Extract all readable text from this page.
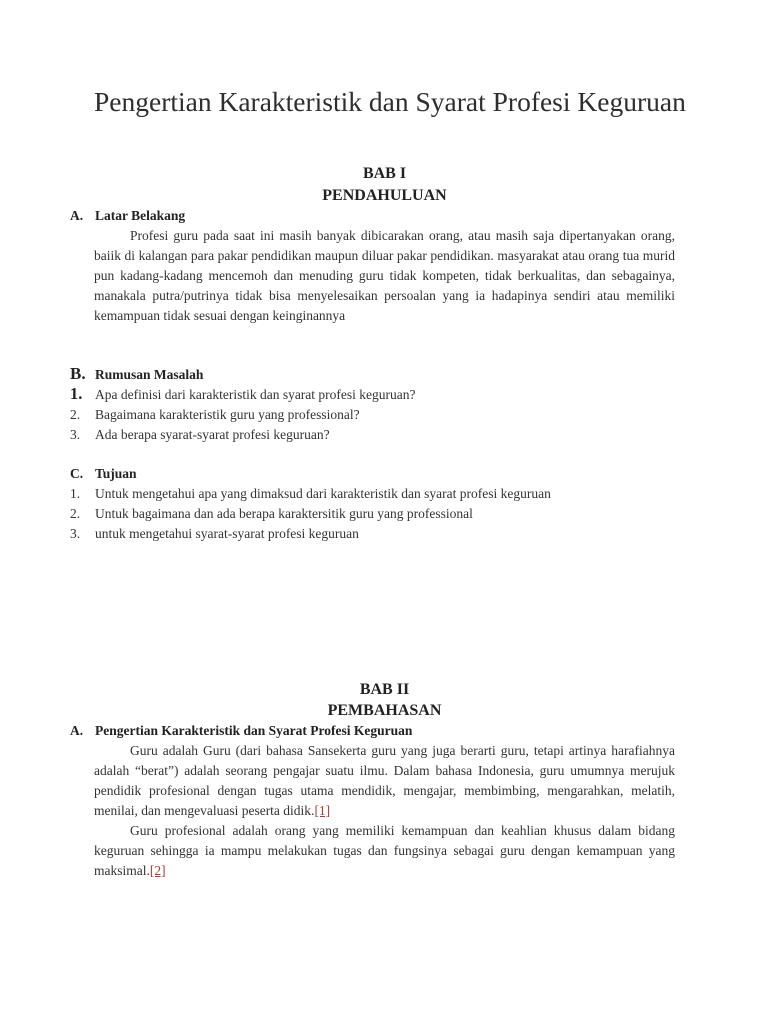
Pengertian Karakteristik dan Syarat Profesi Keguruan
BAB I
PENDAHULUAN
A. Latar Belakang

Profesi guru pada saat ini masih banyak dibicarakan orang, atau masih saja dipertanyakan orang, baiik di kalangan para pakar pendidikan maupun diluar pakar pendidikan. masyarakat atau orang tua murid pun kadang-kadang mencemoh dan menuding guru tidak kompeten, tidak berkualitas, dan sebagainya, manakala putra/putrinya tidak bisa menyelesaikan persoalan yang ia hadapinya sendiri atau memiliki kemampuan tidak sesuai dengan keinginannya

B. Rumusan Masalah
1. Apa definisi dari karakteristik dan syarat profesi keguruan?
2. Bagaimana karakteristik guru yang professional?
3. Ada berapa syarat-syarat profesi keguruan?
C. Tujuan
1. Untuk mengetahui apa yang dimaksud dari karakteristik dan syarat profesi keguruan
2. Untuk bagaimana dan ada berapa karaktersitik guru yang professional
3. untuk mengetahui syarat-syarat profesi keguruan
BAB II
PEMBAHASAN
A. Pengertian Karakteristik dan Syarat Profesi Keguruan

Guru adalah Guru (dari bahasa Sansekerta guru yang juga berarti guru, tetapi artinya harafiahnya adalah “berat”) adalah seorang pengajar suatu ilmu. Dalam bahasa Indonesia, guru umumnya merujuk pendidik profesional dengan tugas utama mendidik, mengajar, membimbing, mengarahkan, melatih, menilai, dan mengevaluasi peserta didik.[1]

Guru profesional adalah orang yang memiliki kemampuan dan keahlian khusus dalam bidang keguruan sehingga ia mampu melakukan tugas dan fungsinya sebagai guru dengan kemampuan yang maksimal.[2]
